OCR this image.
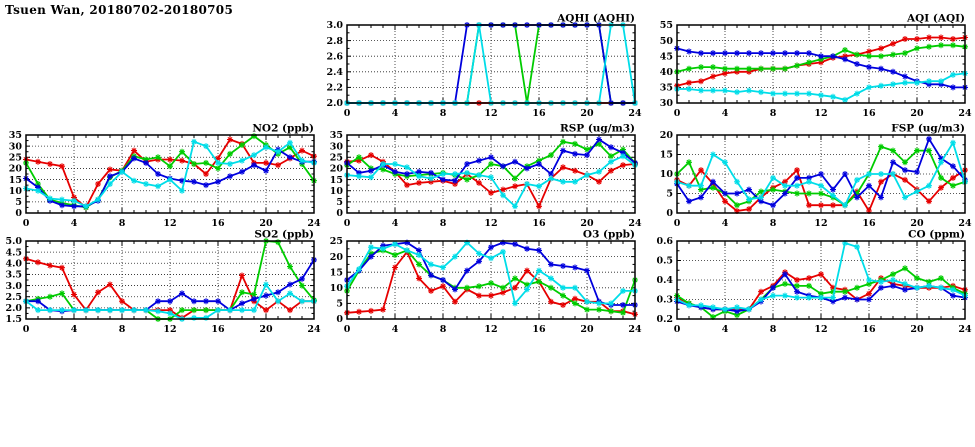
Tsuen Wan, 20180702-20180705
2.0
2.2
2.4
2.6
2.8
3.0
0	4	8	12	16	20	24
AQHI (AQHI)
30
35
40
45
50
55
0	4	8	12	16	20	24
AQI (AQI)
0
5
10
15
20
25
30
35
0	4	8	12	16	20	24
NO2 (ppb)
0
5
10
15
20
25
30
35
0	4	8	12	16	20	24
RSP (ug/m3)
0
5
10
15
20
0	4	8	12	16	20	24
FSP (ug/m3)
1.5
2.0
2.5
3.0
3.5
4.0
4.5
5.0
0	4	8	12	16	20	24
SO2 (ppb)
0
5
10
15
20
25
0	4	8	12	16	20	24
O3 (ppb)
0.2
0.3
0.4
0.5
0.6
0	4	8	12	16	20	24
CO (ppm)
